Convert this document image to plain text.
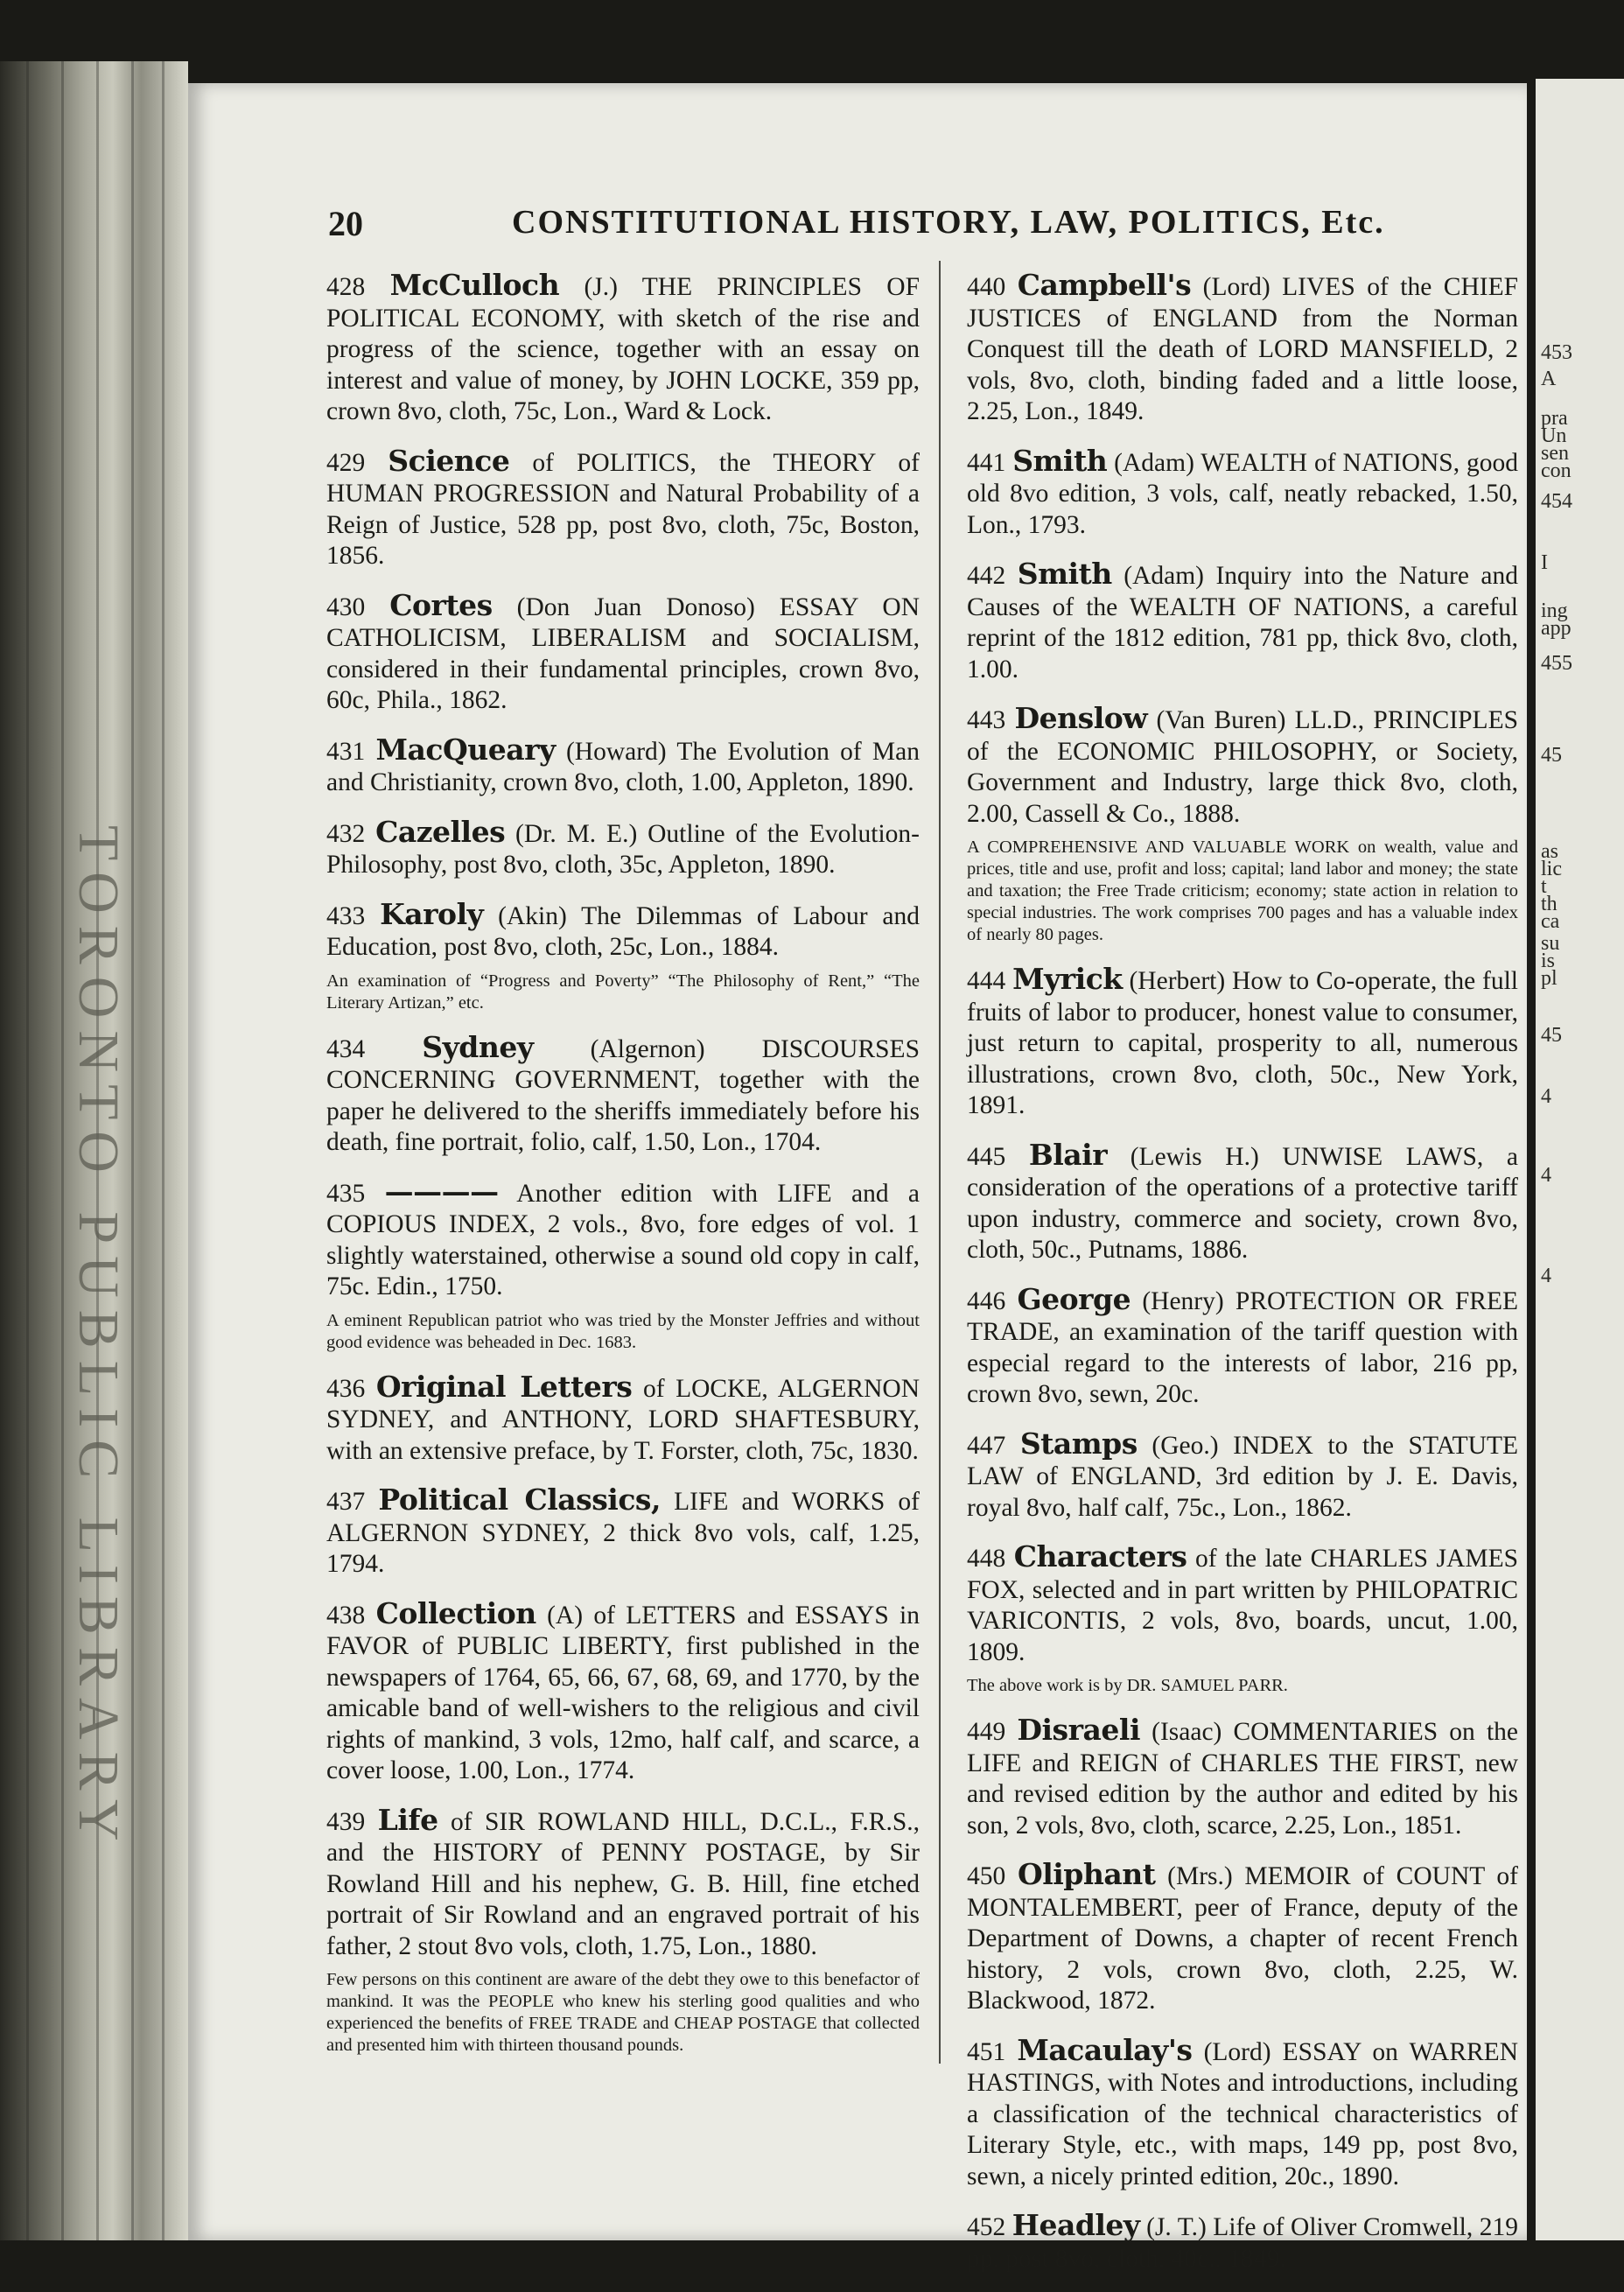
TORONTO PUBLIC LIBRARY
453
A
pra
Un
sen
con
454
I
ing
app
455
45
as
lic
t
th
ca
su
is
pl
45
4
4
4
20	CONSTITUTIONAL HISTORY, LAW, POLITICS, Etc.
428 McCulloch (J.) THE PRINCIPLES OF POLITICAL ECONOMY, with sketch of the rise and progress of the science, together with an essay on interest and value of money, by JOHN LOCKE, 359 pp, crown 8vo, cloth, 75c, Lon., Ward & Lock.
429 Science of POLITICS, the THEORY of HUMAN PROGRESSION and Natural Probability of a Reign of Justice, 528 pp, post 8vo, cloth, 75c, Boston, 1856.
430 Cortes (Don Juan Donoso) ESSAY ON CATHOLICISM, LIBERALISM and SOCIALISM, considered in their fundamental principles, crown 8vo, 60c, Phila., 1862.
431 MacQueary (Howard) The Evolution of Man and Christianity, crown 8vo, cloth, 1.00, Appleton, 1890.
432 Cazelles (Dr. M. E.) Outline of the Evolution-Philosophy, post 8vo, cloth, 35c, Appleton, 1890.
433 Karoly (Akin) The Dilemmas of Labour and Education, post 8vo, cloth, 25c, Lon., 1884.
An examination of “Progress and Poverty” “The Philosophy of Rent,” “The Literary Artizan,” etc.
434 Sydney (Algernon) DISCOURSES CONCERNING GOVERNMENT, together with the paper he delivered to the sheriffs immediately before his death, fine portrait, folio, calf, 1.50, Lon., 1704.
435 ———— Another edition with LIFE and a COPIOUS INDEX, 2 vols., 8vo, fore edges of vol. 1 slightly waterstained, otherwise a sound old copy in calf, 75c. Edin., 1750.
A eminent Republican patriot who was tried by the Monster Jeffries and without good evidence was beheaded in Dec. 1683.
436 Original Letters of LOCKE, ALGERNON SYDNEY, and ANTHONY, LORD SHAFTESBURY, with an extensive preface, by T. Forster, cloth, 75c, 1830.
437 Political Classics, LIFE and WORKS of ALGERNON SYDNEY, 2 thick 8vo vols, calf, 1.25, 1794.
438 Collection (A) of LETTERS and ESSAYS in FAVOR of PUBLIC LIBERTY, first published in the newspapers of 1764, 65, 66, 67, 68, 69, and 1770, by the amicable band of well-wishers to the religious and civil rights of mankind, 3 vols, 12mo, half calf, and scarce, a cover loose, 1.00, Lon., 1774.
439 Life of SIR ROWLAND HILL, D.C.L., F.R.S., and the HISTORY of PENNY POSTAGE, by Sir Rowland Hill and his nephew, G. B. Hill, fine etched portrait of Sir Rowland and an engraved portrait of his father, 2 stout 8vo vols, cloth, 1.75, Lon., 1880.
Few persons on this continent are aware of the debt they owe to this benefactor of mankind. It was the PEOPLE who knew his sterling good qualities and who experienced the benefits of FREE TRADE and CHEAP POSTAGE that collected and presented him with thirteen thousand pounds.
440 Campbell's (Lord) LIVES of the CHIEF JUSTICES of ENGLAND from the Norman Conquest till the death of LORD MANSFIELD, 2 vols, 8vo, cloth, binding faded and a little loose, 2.25, Lon., 1849.
441 Smith (Adam) WEALTH of NATIONS, good old 8vo edition, 3 vols, calf, neatly rebacked, 1.50, Lon., 1793.
442 Smith (Adam) Inquiry into the Nature and Causes of the WEALTH OF NATIONS, a careful reprint of the 1812 edition, 781 pp, thick 8vo, cloth, 1.00.
443 Denslow (Van Buren) LL.D., PRINCIPLES of the ECONOMIC PHILOSOPHY, or Society, Government and Industry, large thick 8vo, cloth, 2.00, Cassell & Co., 1888.
A COMPREHENSIVE AND VALUABLE WORK on wealth, value and prices, title and use, profit and loss; capital; land labor and money; the state and taxation; the Free Trade criticism; economy; state action in relation to special industries. The work comprises 700 pages and has a valuable index of nearly 80 pages.
444 Myrick (Herbert) How to Co-operate, the full fruits of labor to producer, honest value to consumer, just return to capital, prosperity to all, numerous illustrations, crown 8vo, cloth, 50c., New York, 1891.
445 Blair (Lewis H.) UNWISE LAWS, a consideration of the operations of a protective tariff upon industry, commerce and society, crown 8vo, cloth, 50c., Putnams, 1886.
446 George (Henry) PROTECTION OR FREE TRADE, an examination of the tariff question with especial regard to the interests of labor, 216 pp, crown 8vo, sewn, 20c.
447 Stamps (Geo.) INDEX to the STATUTE LAW of ENGLAND, 3rd edition by J. E. Davis, royal 8vo, half calf, 75c., Lon., 1862.
448 Characters of the late CHARLES JAMES FOX, selected and in part written by PHILOPATRIC VARICONTIS, 2 vols, 8vo, boards, uncut, 1.00, 1809.
The above work is by DR. SAMUEL PARR.
449 Disraeli (Isaac) COMMENTARIES on the LIFE and REIGN of CHARLES THE FIRST, new and revised edition by the author and edited by his son, 2 vols, 8vo, cloth, scarce, 2.25, Lon., 1851.
450 Oliphant (Mrs.) MEMOIR of COUNT of MONTALEMBERT, peer of France, deputy of the Department of Downs, a chapter of recent French history, 2 vols, crown 8vo, cloth, 2.25, W. Blackwood, 1872.
451 Macaulay's (Lord) ESSAY on WARREN HASTINGS, with Notes and introductions, including a classification of the technical characteristics of Literary Style, etc., with maps, 149 pp, post 8vo, sewn, a nicely printed edition, 20c., 1890.
452 Headley (J. T.) Life of Oliver Cromwell, 219 pp, post 8vo, cloth, 40c., 1849.
